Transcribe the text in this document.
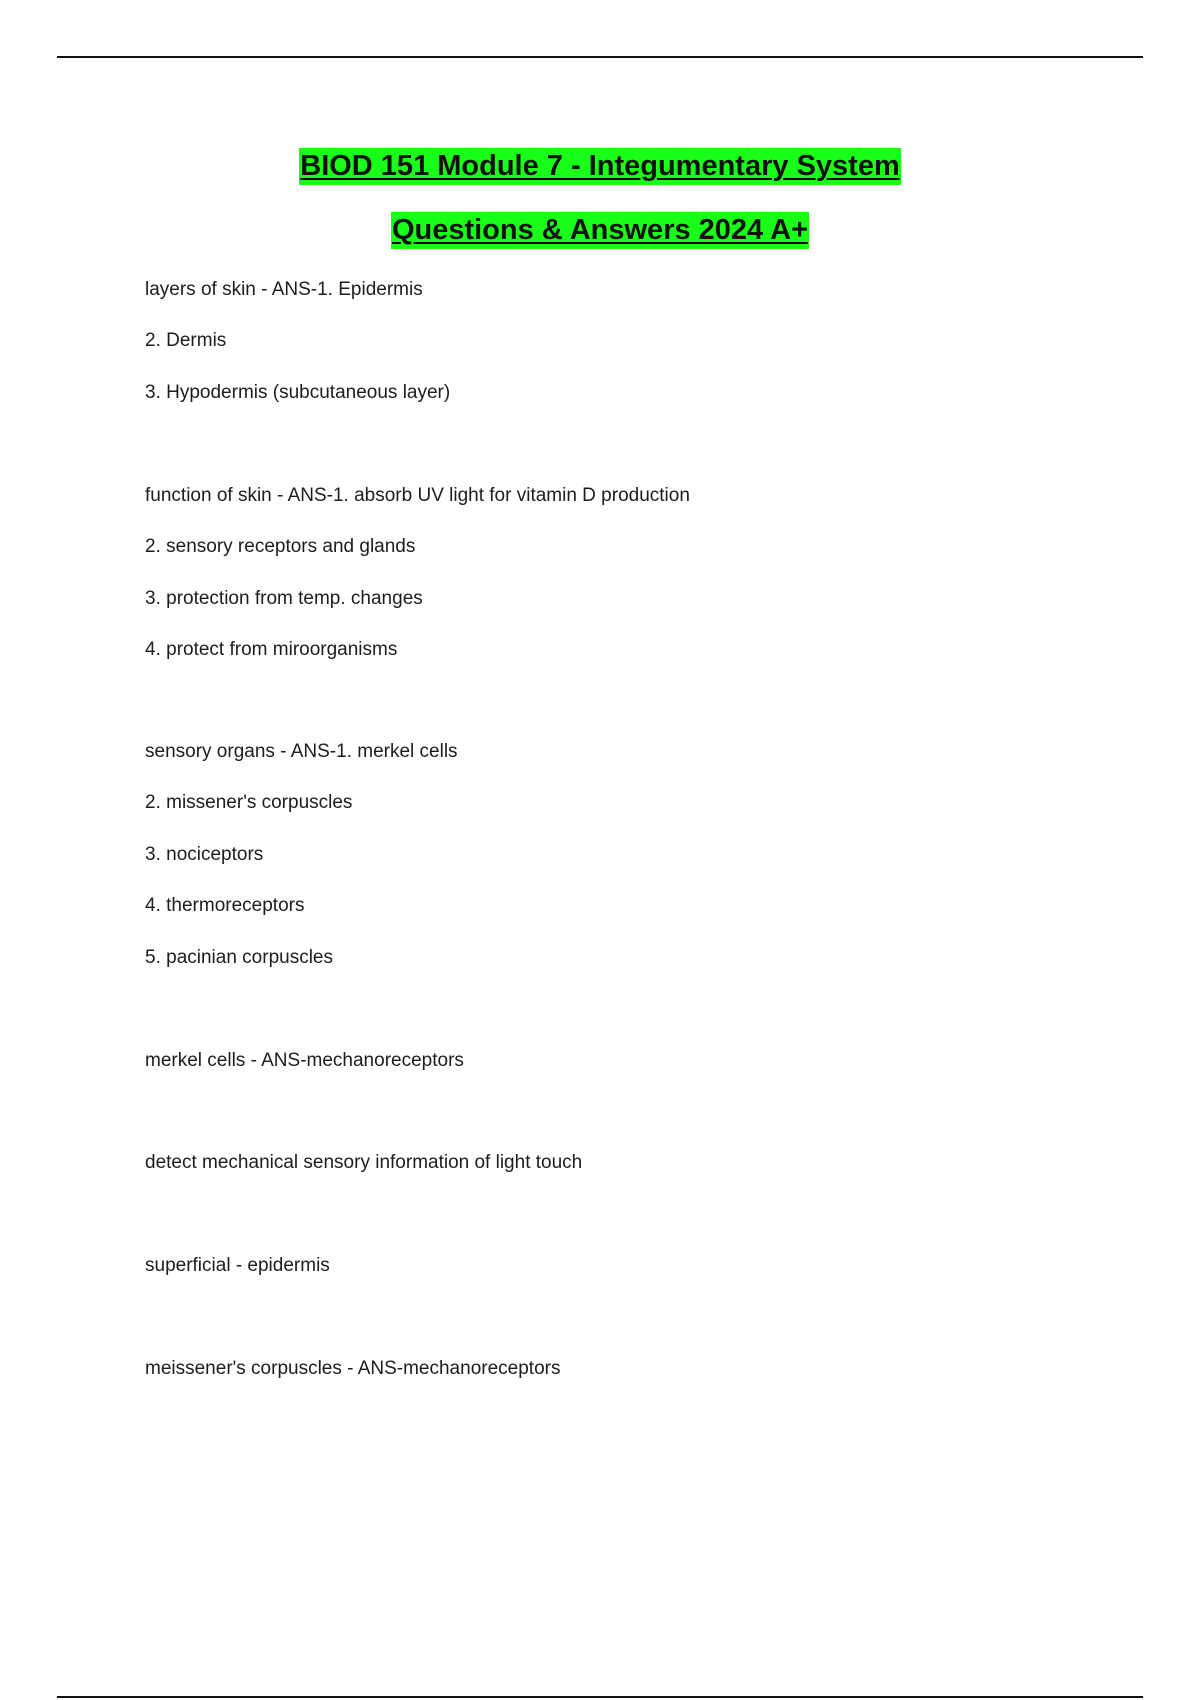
BIOD 151 Module 7 - Integumentary System
Questions & Answers 2024 A+
layers of skin - ANS-1. Epidermis
2. Dermis
3. Hypodermis (subcutaneous layer)
function of skin - ANS-1. absorb UV light for vitamin D production
2. sensory receptors and glands
3. protection from temp. changes
4. protect from miroorganisms
sensory organs - ANS-1. merkel cells
2. missener's corpuscles
3. nociceptors
4. thermoreceptors
5. pacinian corpuscles
merkel cells - ANS-mechanoreceptors
detect mechanical sensory information of light touch
superficial - epidermis
meissener's corpuscles - ANS-mechanoreceptors
